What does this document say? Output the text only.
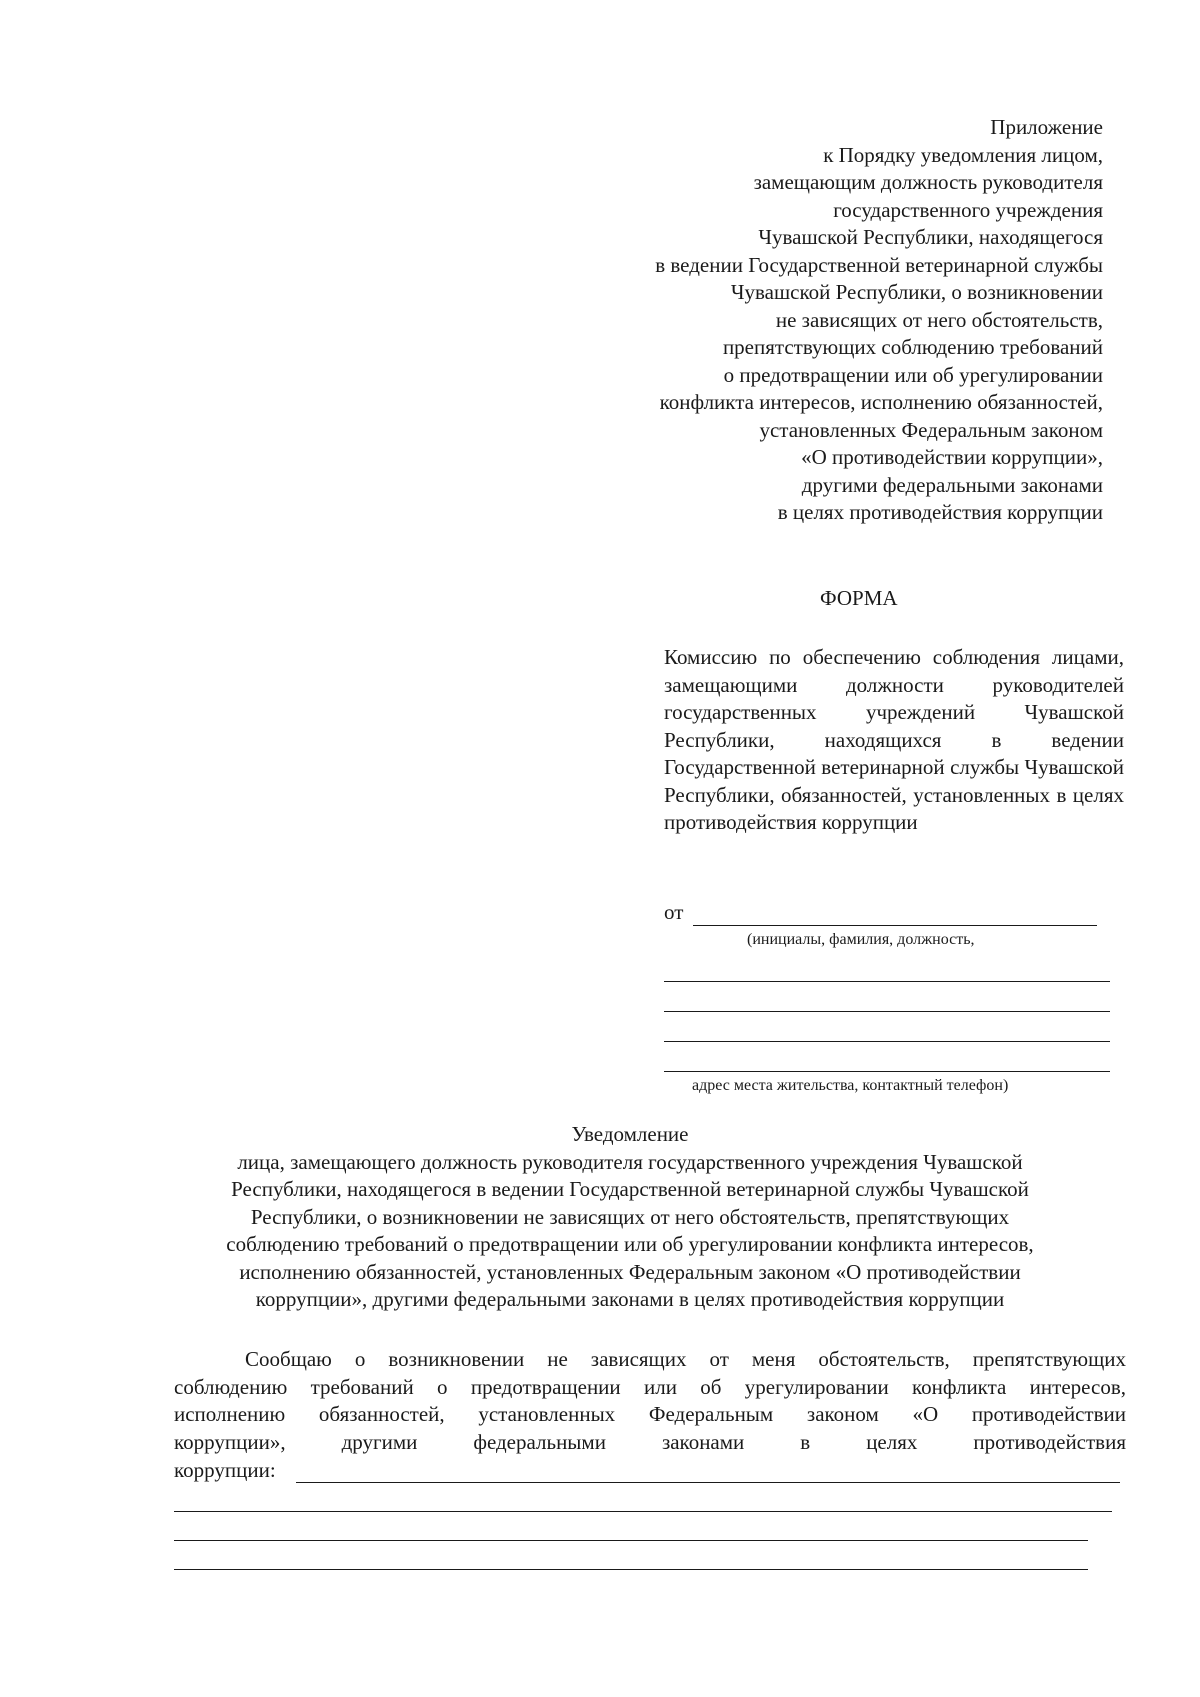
Приложение
к Порядку уведомления лицом,
замещающим должность руководителя
государственного учреждения
Чувашской Республики, находящегося
в ведении Государственной ветеринарной службы
Чувашской Республики, о возникновении
не зависящих от него обстоятельств,
препятствующих соблюдению требований
о предотвращении или об урегулировании
конфликта интересов, исполнению обязанностей,
установленных Федеральным законом
«О противодействии коррупции»,
другими федеральными законами
в целях противодействия коррупции
ФОРМА
Комиссию по обеспечению соблюдения лицами, замещающими должности руководителей государственных учреждений Чувашской Республики, находящихся в ведении Государственной ветеринарной службы Чувашской Республики, обязанностей, установленных в целях противодействия коррупции
от
(инициалы, фамилия, должность,
адрес места жительства, контактный телефон)
Уведомление
лица, замещающего должность руководителя государственного учреждения Чувашской
Республики, находящегося в ведении Государственной ветеринарной службы Чувашской
Республики, о возникновении не зависящих от него обстоятельств, препятствующих
соблюдению требований о предотвращении или об урегулировании конфликта интересов,
исполнению обязанностей, установленных Федеральным законом «О противодействии
коррупции», другими федеральными законами в целях противодействия коррупции
Сообщаю о возникновении не зависящих от меня обстоятельств, препятствующих
соблюдению требований о предотвращении или об урегулировании конфликта интересов,
исполнению обязанностей, установленных Федеральным законом «О противодействии
коррупции», другими федеральными законами в целях противодействия
коррупции:
